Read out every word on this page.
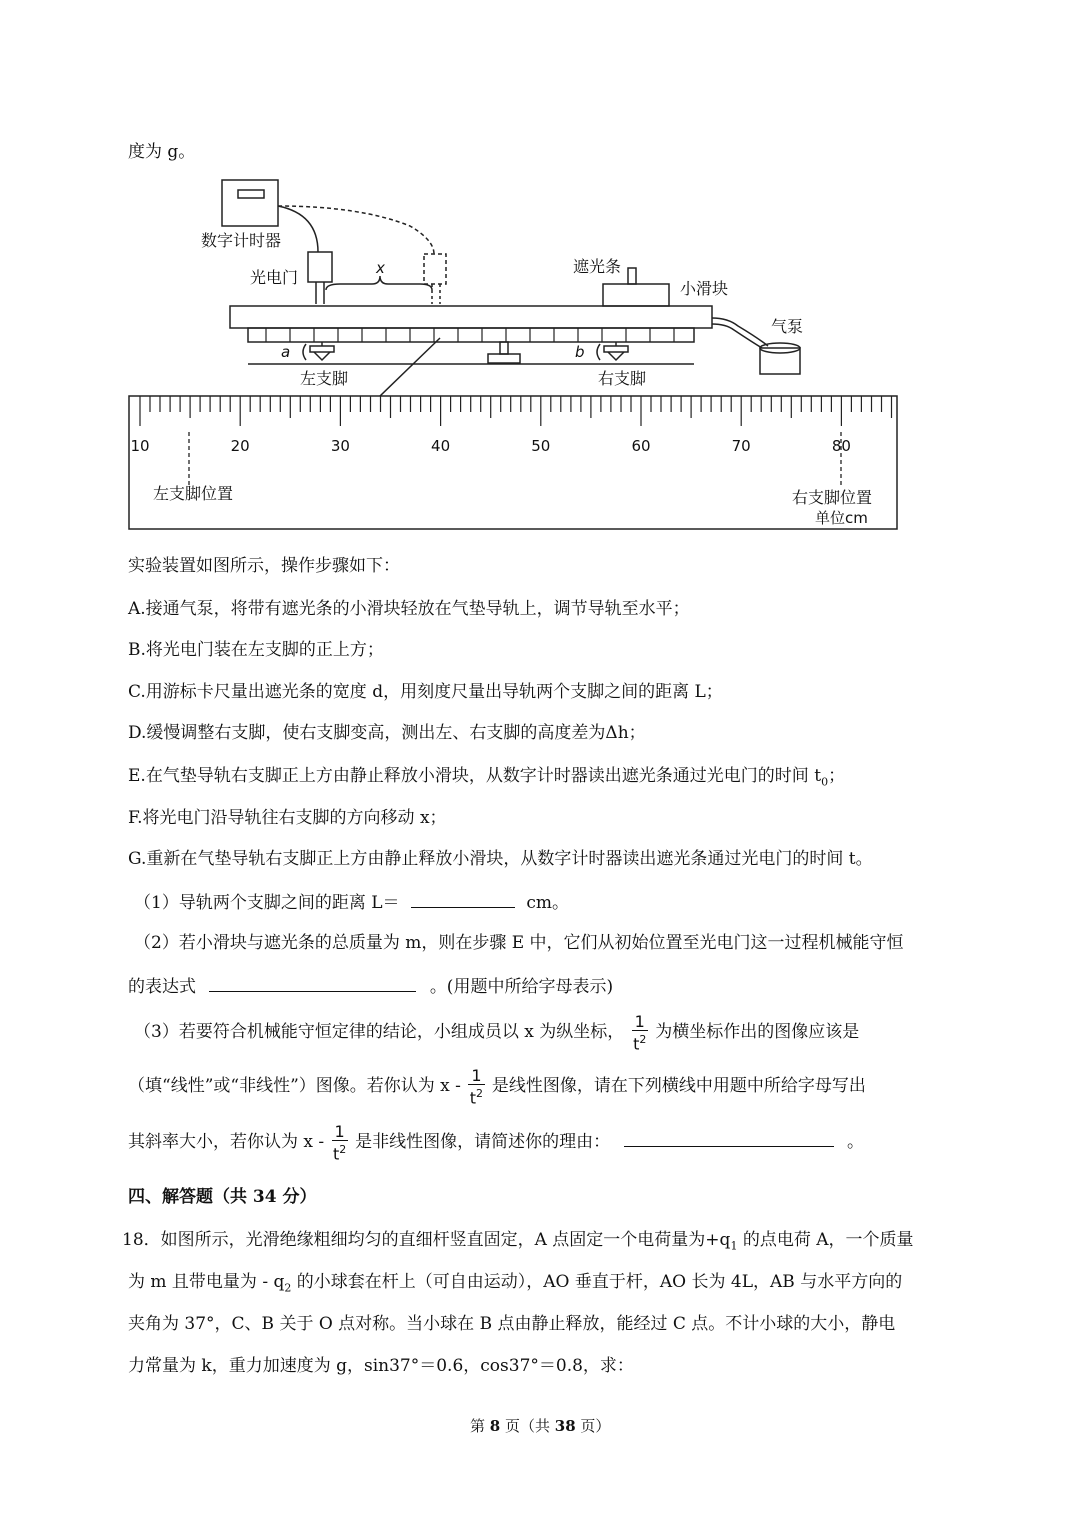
度为 g。
数字计时器
光电门	x	遮光条
小滑块
气泵
a	b
左支脚	右支脚
10	20	30	40	50	60	70	80
左支脚位置	右支脚位置
单位cm
实验装置如图所示，操作步骤如下：
A.接通气泵，将带有遮光条的小滑块轻放在气垫导轨上，调节导轨至水平；
B.将光电门装在左支脚的正上方；
C.用游标卡尺量出遮光条的宽度 d，用刻度尺量出导轨两个支脚之间的距离 L；
D.缓慢调整右支脚，使右支脚变高，测出左、右支脚的高度差为Δh；
E.在气垫导轨右支脚正上方由静止释放小滑块，从数字计时器读出遮光条通过光电门的时间 $t_0$；
F.将光电门沿导轨往右支脚的方向移动 x；
G.重新在气垫导轨右支脚正上方由静止释放小滑块，从数字计时器读出遮光条通过光电门的时间 t。
（1）导轨两个支脚之间的距离 L＝	cm。
（2）若小滑块与遮光条的总质量为 m，则在步骤 E 中，它们从初始位置至光电门这一过程机械能守恒
的表达式	。(用题中所给字母表示)
（3）若要符合机械能守恒定律的结论，小组成员以 x 为纵坐标， $\frac{1}{t^2}$ 为横坐标作出的图像应该是
（填“线性”或“非线性”）图像。若你认为 x - $\frac{1}{t^2}$ 是线性图像，请在下列横线中用题中所给字母写出
其斜率大小，若你认为 x - $\frac{1}{t^2}$ 是非线性图像，请简述你的理由：	。
四、解答题（共 34 分）
18．如图所示，光滑绝缘粗细均匀的直细杆竖直固定，A 点固定一个电荷量为$+q_1$ 的点电荷 A，一个质量
为 m 且带电量为 - $q_2$ 的小球套在杆上（可自由运动），AO 垂直于杆，AO 长为 4L，AB 与水平方向的
夹角为 37°，C、B 关于 O 点对称。当小球在 B 点由静止释放，能经过 C 点。不计小球的大小，静电
力常量为 k，重力加速度为 g，sin37°＝0.6，cos37°＝0.8，求：
第 8 页（共 38 页）
